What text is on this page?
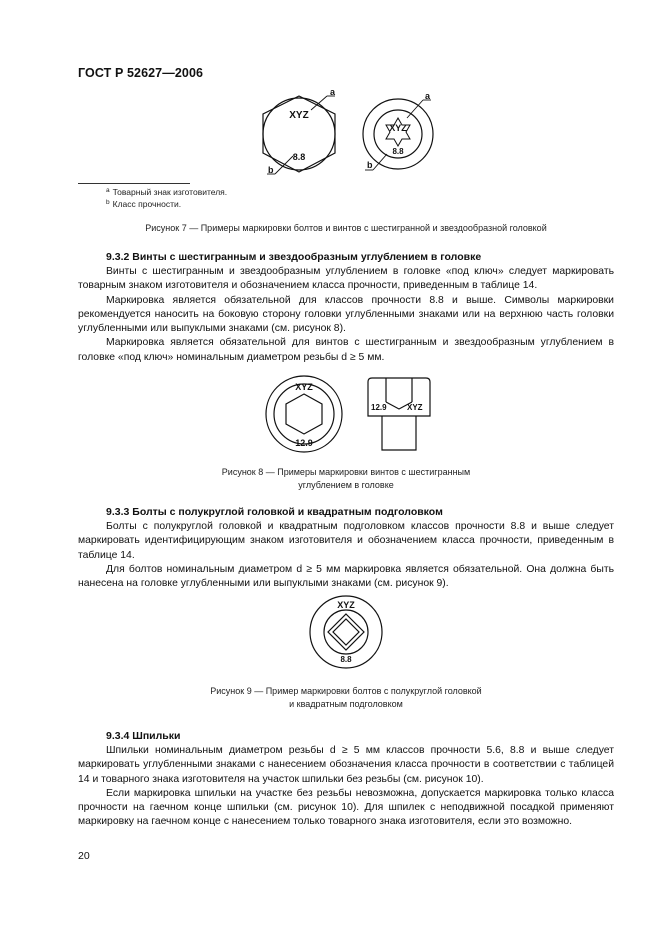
ГОСТ Р 52627—2006
XYZ
8.8
a
b
XYZ
8.8
a
b
$^a$ Товарный знак изготовителя.
$^b$ Класс прочности.
Рисунок 7 — Примеры маркировки болтов и винтов с шестигранной и звездообразной головкой
9.3.2 Винты с шестигранным и звездообразным углублением в головке
Винты с шестигранным и звездообразным углублением в головке «под ключ» следует маркировать товарным знаком изготовителя и обозначением класса прочности, приведенным в таблице 14.
Маркировка является обязательной для классов прочности 8.8 и выше. Символы маркировки рекомендуется наносить на боковую сторону головки углубленными знаками или на верхнюю часть головки углубленными или выпуклыми знаками (см. рисунок 8).
Маркировка является обязательной для винтов с шестигранным и звездообразным углублением в головке «под ключ» номинальным диаметром резьбы d ≥ 5 мм.
XYZ
12.9
12.9	XYZ
Рисунок 8 — Примеры маркировки винтов с шестигранным
углублением в головке
9.3.3 Болты с полукруглой головкой и квадратным подголовком
Болты с полукруглой головкой и квадратным подголовком классов прочности 8.8 и выше следует маркировать идентифицирующим знаком изготовителя и обозначением класса прочности, приведенным в таблице 14.
Для болтов номинальным диаметром d ≥ 5 мм маркировка является обязательной. Она должна быть нанесена на головке углубленными или выпуклыми знаками (см. рисунок 9).
XYZ
8.8
Рисунок 9 — Пример маркировки болтов с полукруглой головкой
и квадратным подголовком
9.3.4 Шпильки
Шпильки номинальным диаметром резьбы d ≥ 5 мм классов прочности 5.6, 8.8 и выше следует маркировать углубленными знаками с нанесением обозначения класса прочности в соответствии с таблицей 14 и товарного знака изготовителя на участок шпильки без резьбы (см. рисунок 10).
Если маркировка шпильки на участке без резьбы невозможна, допускается маркировка только класса прочности на гаечном конце шпильки (см. рисунок 10). Для шпилек с неподвижной посадкой применяют маркировку на гаечном конце с нанесением только товарного знака изготовителя, если это возможно.
20
